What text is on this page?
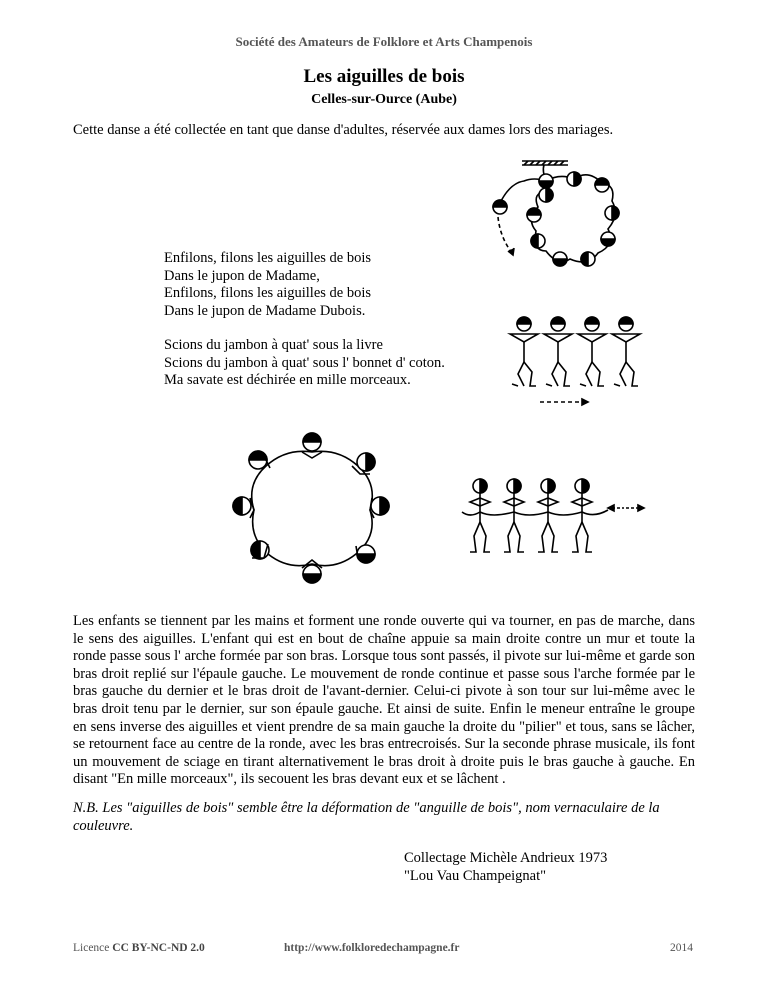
Société des Amateurs de Folklore et Arts Champenois
Les aiguilles de bois
Celles-sur-Ource (Aube)
Cette danse a été collectée en tant que danse d'adultes, réservée aux dames lors des mariages.
Enfilons, filons les aiguilles de bois
Dans le jupon de Madame,
Enfilons, filons les aiguilles de bois
Dans le jupon de Madame Dubois.
Scions du jambon à quat' sous la livre
Scions du jambon à quat' sous l' bonnet d' coton.
Ma savate est déchirée en mille morceaux.
Les enfants se tiennent par les mains et forment une ronde ouverte qui va tourner, en pas de marche, dans le sens des aiguilles. L'enfant qui est en bout de chaîne appuie sa main droite contre un mur et toute la ronde passe sous l' arche formée par son bras. Lorsque tous sont passés, il pivote sur lui-même et garde son bras droit replié sur l'épaule gauche. Le mouvement de ronde continue et passe sous l'arche formée par le bras gauche du dernier et le bras droit de l'avant-dernier. Celui-ci pivote à son tour sur lui-même avec le bras droit tenu par le dernier, sur son épaule gauche. Et ainsi de suite. Enfin le meneur entraîne le groupe en sens inverse des aiguilles et vient prendre de sa main gauche la droite du "pilier" et tous, sans se lâcher, se retournent face au centre de la ronde, avec les bras entrecroisés. Sur la seconde phrase musicale, ils font un mouvement de sciage en tirant alternativement le bras droit à droite puis le bras gauche à gauche. En disant "En mille morceaux", ils secouent les bras devant eux et se lâchent .
N.B. Les "aiguilles de bois" semble être la déformation de "anguille de bois", nom vernaculaire de la couleuvre.
Collectage Michèle Andrieux 1973
"Lou Vau Champeignat"
Licence CC BY-NC-ND 2.0	http://www.folkloredechampagne.fr	2014
